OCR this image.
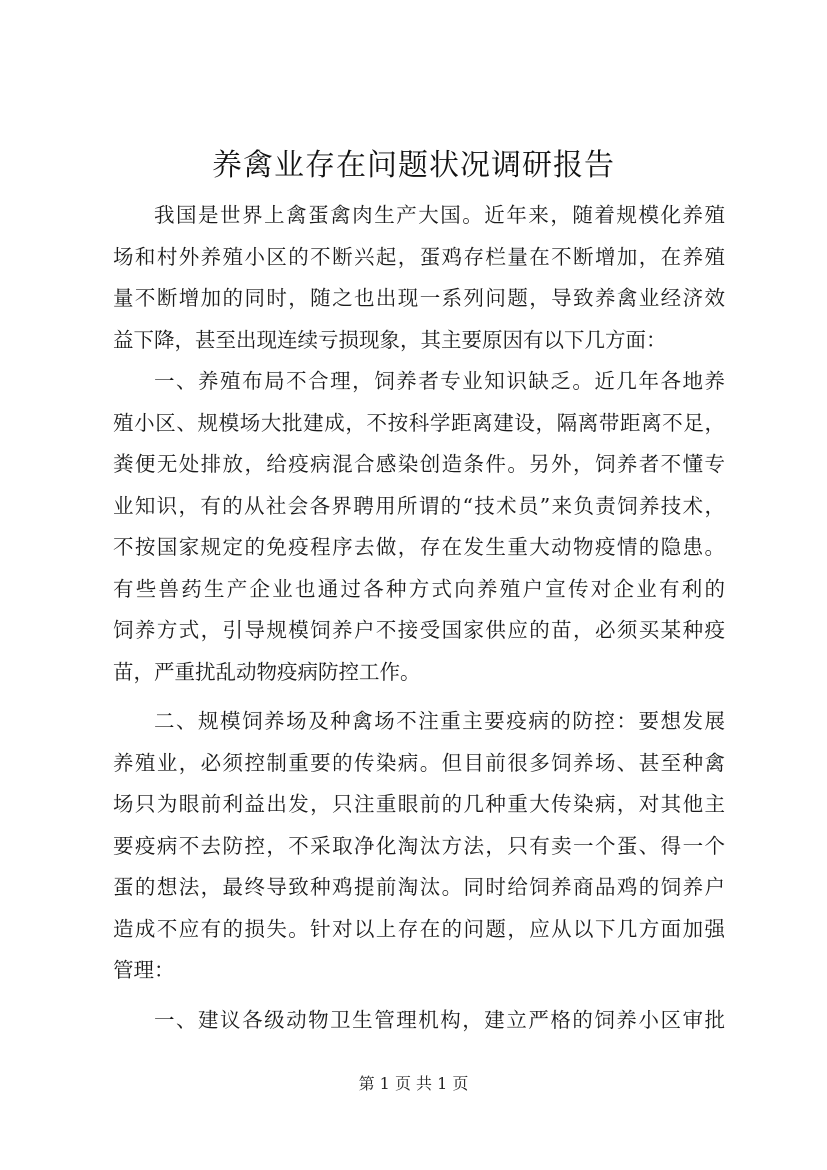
养禽业存在问题状况调研报告
我国是世界上禽蛋禽肉生产大国。近年来，随着规模化养殖
场和村外养殖小区的不断兴起，蛋鸡存栏量在不断增加，在养殖
量不断增加的同时，随之也出现一系列问题，导致养禽业经济效
益下降，甚至出现连续亏损现象，其主要原因有以下几方面：
一、养殖布局不合理，饲养者专业知识缺乏。近几年各地养
殖小区、规模场大批建成，不按科学距离建设，隔离带距离不足，
粪便无处排放，给疫病混合感染创造条件。另外，饲养者不懂专
业知识，有的从社会各界聘用所谓的“技术员”来负责饲养技术，
不按国家规定的免疫程序去做，存在发生重大动物疫情的隐患。
有些兽药生产企业也通过各种方式向养殖户宣传对企业有利的
饲养方式，引导规模饲养户不接受国家供应的苗，必须买某种疫
苗，严重扰乱动物疫病防控工作。
二、规模饲养场及种禽场不注重主要疫病的防控：要想发展
养殖业，必须控制重要的传染病。但目前很多饲养场、甚至种禽
场只为眼前利益出发，只注重眼前的几种重大传染病，对其他主
要疫病不去防控，不采取净化淘汰方法，只有卖一个蛋、得一个
蛋的想法，最终导致种鸡提前淘汰。同时给饲养商品鸡的饲养户
造成不应有的损失。针对以上存在的问题，应从以下几方面加强
管理：
一、建议各级动物卫生管理机构，建立严格的饲养小区审批
第 1 页 共 1 页
